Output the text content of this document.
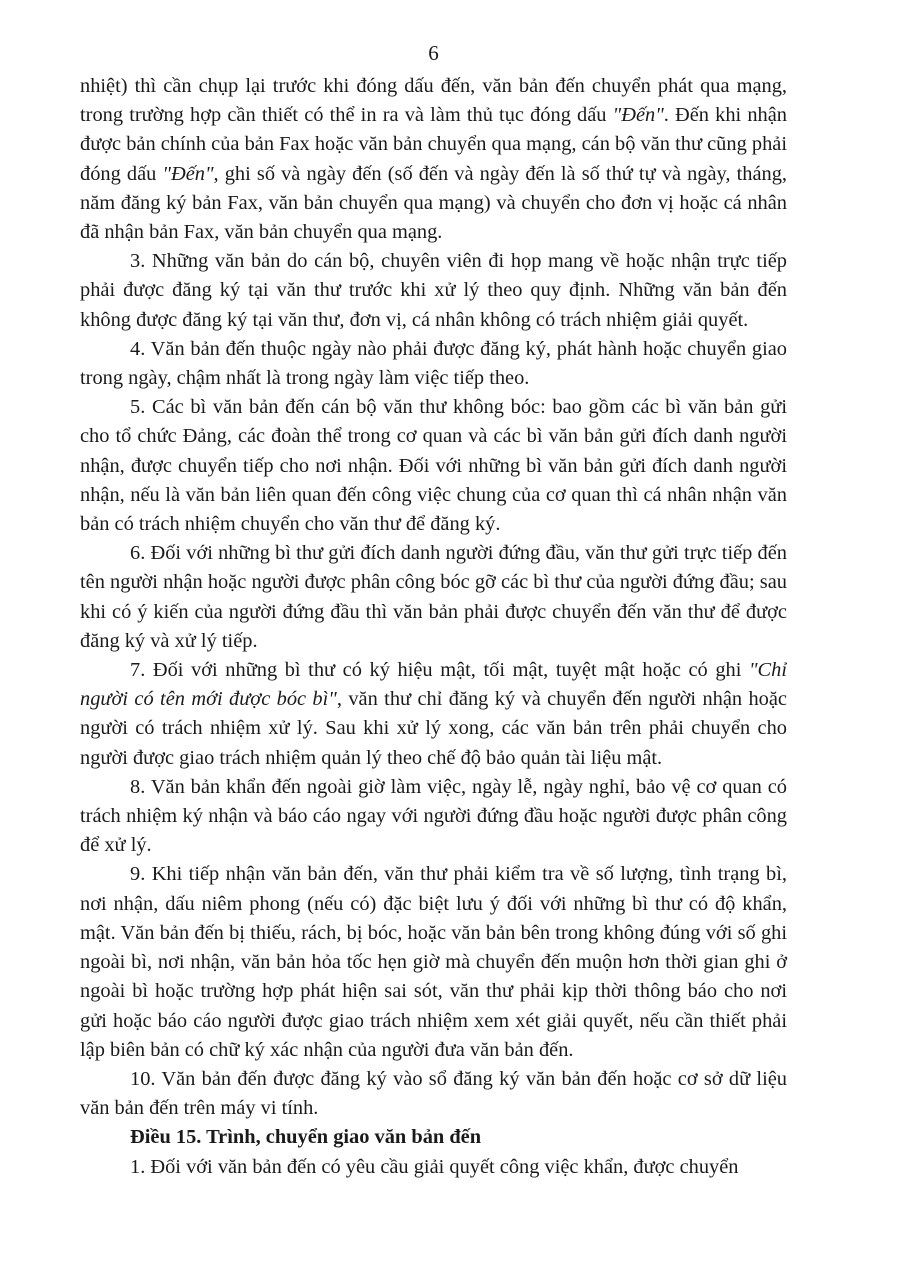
6

nhiệt) thì cần chụp lại trước khi đóng dấu đến, văn bản đến chuyển phát qua mạng, trong trường hợp cần thiết có thể in ra và làm thủ tục đóng dấu "Đến". Đến khi nhận được bản chính của bản Fax hoặc văn bản chuyển qua mạng, cán bộ văn thư cũng phải đóng dấu "Đến", ghi số và ngày đến (số đến và ngày đến là số thứ tự và ngày, tháng, năm đăng ký bản Fax, văn bản chuyển qua mạng) và chuyển cho đơn vị hoặc cá nhân đã nhận bản Fax, văn bản chuyển qua mạng.

3. Những văn bản do cán bộ, chuyên viên đi họp mang về hoặc nhận trực tiếp phải được đăng ký tại văn thư trước khi xử lý theo quy định. Những văn bản đến không được đăng ký tại văn thư, đơn vị, cá nhân không có trách nhiệm giải quyết.

4. Văn bản đến thuộc ngày nào phải được đăng ký, phát hành hoặc chuyển giao trong ngày, chậm nhất là trong ngày làm việc tiếp theo.

5. Các bì văn bản đến cán bộ văn thư không bóc: bao gồm các bì văn bản gửi cho tổ chức Đảng, các đoàn thể trong cơ quan và các bì văn bản gửi đích danh người nhận, được chuyển tiếp cho nơi nhận. Đối với những bì văn bản gửi đích danh người nhận, nếu là văn bản liên quan đến công việc chung của cơ quan thì cá nhân nhận văn bản có trách nhiệm chuyển cho văn thư để đăng ký.

6. Đối với những bì thư gửi đích danh người đứng đầu, văn thư gửi trực tiếp đến tên người nhận hoặc người được phân công bóc gỡ các bì thư của người đứng đầu; sau khi có ý kiến của người đứng đầu thì văn bản phải được chuyển đến văn thư để được đăng ký và xử lý tiếp.

7. Đối với những bì thư có ký hiệu mật, tối mật, tuyệt mật hoặc có ghi "Chỉ người có tên mới được bóc bì", văn thư chỉ đăng ký và chuyển đến người nhận hoặc người có trách nhiệm xử lý. Sau khi xử lý xong, các văn bản trên phải chuyển cho người được giao trách nhiệm quản lý theo chế độ bảo quản tài liệu mật.

8. Văn bản khẩn đến ngoài giờ làm việc, ngày lễ, ngày nghỉ, bảo vệ cơ quan có trách nhiệm ký nhận và báo cáo ngay với người đứng đầu hoặc người được phân công để xử lý.

9. Khi tiếp nhận văn bản đến, văn thư phải kiểm tra về số lượng, tình trạng bì, nơi nhận, dấu niêm phong (nếu có) đặc biệt lưu ý đối với những bì thư có độ khẩn, mật. Văn bản đến bị thiếu, rách, bị bóc, hoặc văn bản bên trong không đúng với số ghi ngoài bì, nơi nhận, văn bản hỏa tốc hẹn giờ mà chuyển đến muộn hơn thời gian ghi ở ngoài bì hoặc trường hợp phát hiện sai sót, văn thư phải kịp thời thông báo cho nơi gửi hoặc báo cáo người được giao trách nhiệm xem xét giải quyết, nếu cần thiết phải lập biên bản có chữ ký xác nhận của người đưa văn bản đến.

10. Văn bản đến được đăng ký vào sổ đăng ký văn bản đến hoặc cơ sở dữ liệu văn bản đến trên máy vi tính.

Điều 15. Trình, chuyển giao văn bản đến

1. Đối với văn bản đến có yêu cầu giải quyết công việc khẩn, được chuyển
